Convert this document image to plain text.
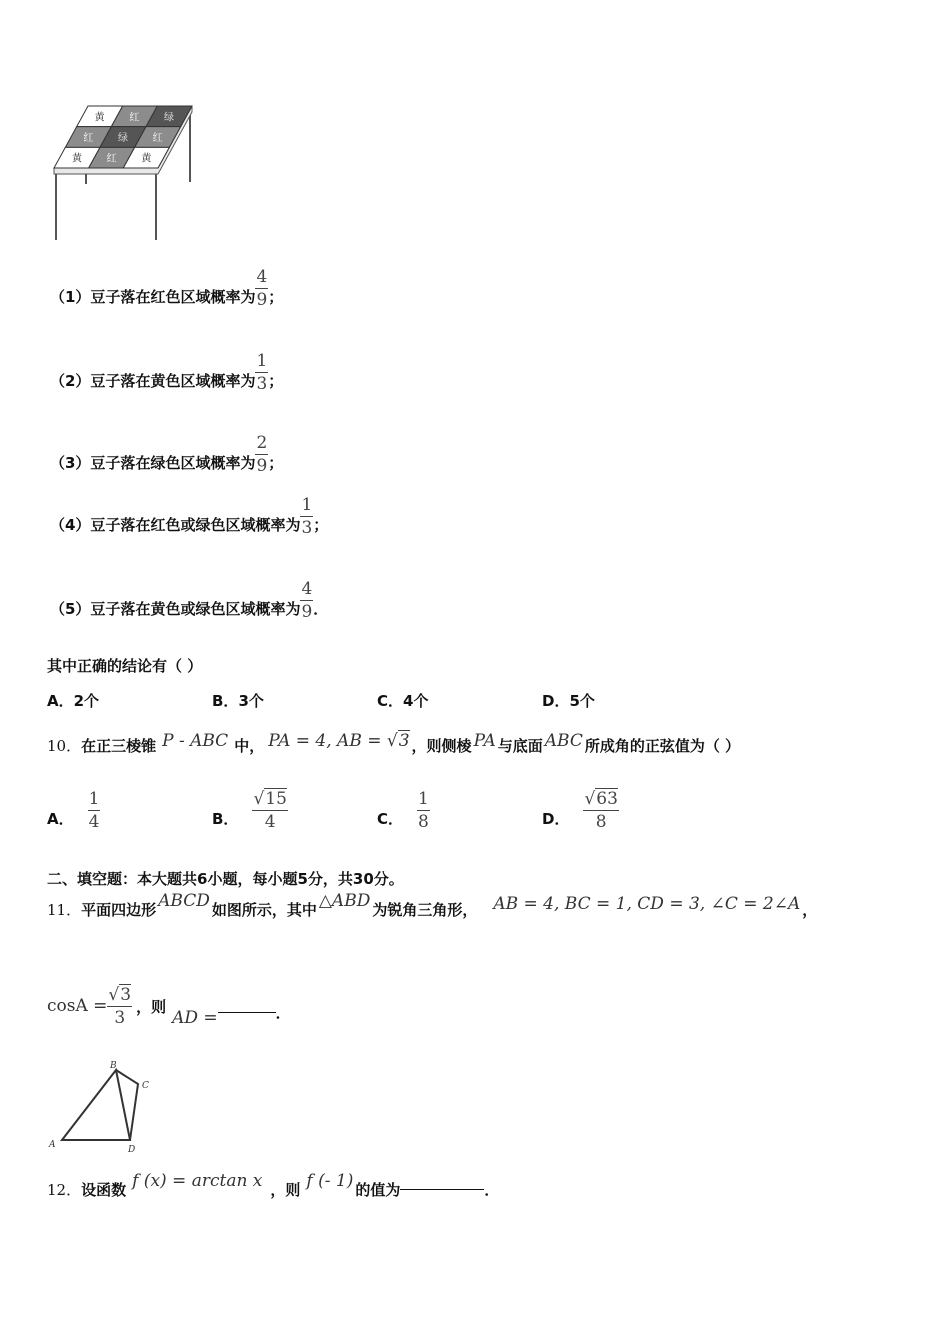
黄 红 绿
红 绿 红
黄 红 黄
（1）豆子落在红色区域概率为 $\frac{4}{9}$ ；
（2）豆子落在黄色区域概率为 $\frac{1}{3}$ ；
（3）豆子落在绿色区域概率为 $\frac{2}{9}$ ；
（4）豆子落在红色或绿色区域概率为 $\frac{1}{3}$ ；
（5）豆子落在黄色或绿色区域概率为 $\frac{4}{9}$ ．
其中正确的结论有（ ）
A．2个	B．3个	C．4个	D．5个
10． 在正三棱锥 P - ABC 中， PA = 4, AB = √3 ，则侧棱 PA 与底面 ABC 所成角的正弦值为（ ）
A． $\frac{1}{4}$	B． $\frac{√15}{4}$	C． $\frac{1}{8}$	D． $\frac{√63}{8}$
二、填空题：本大题共6小题，每小题5分，共30分。
11． 平面四边形 ABCD 如图所示，其中 △ABD 为锐角三角形， AB = 4, BC = 1, CD = 3, ∠C = 2∠A ，
$\cos A = \frac{√3}{3}$ ，则
AD =	．
A
B
C
D
12． 设函数 f (x) = arctan x ，则 f (- 1) 的值为	．
